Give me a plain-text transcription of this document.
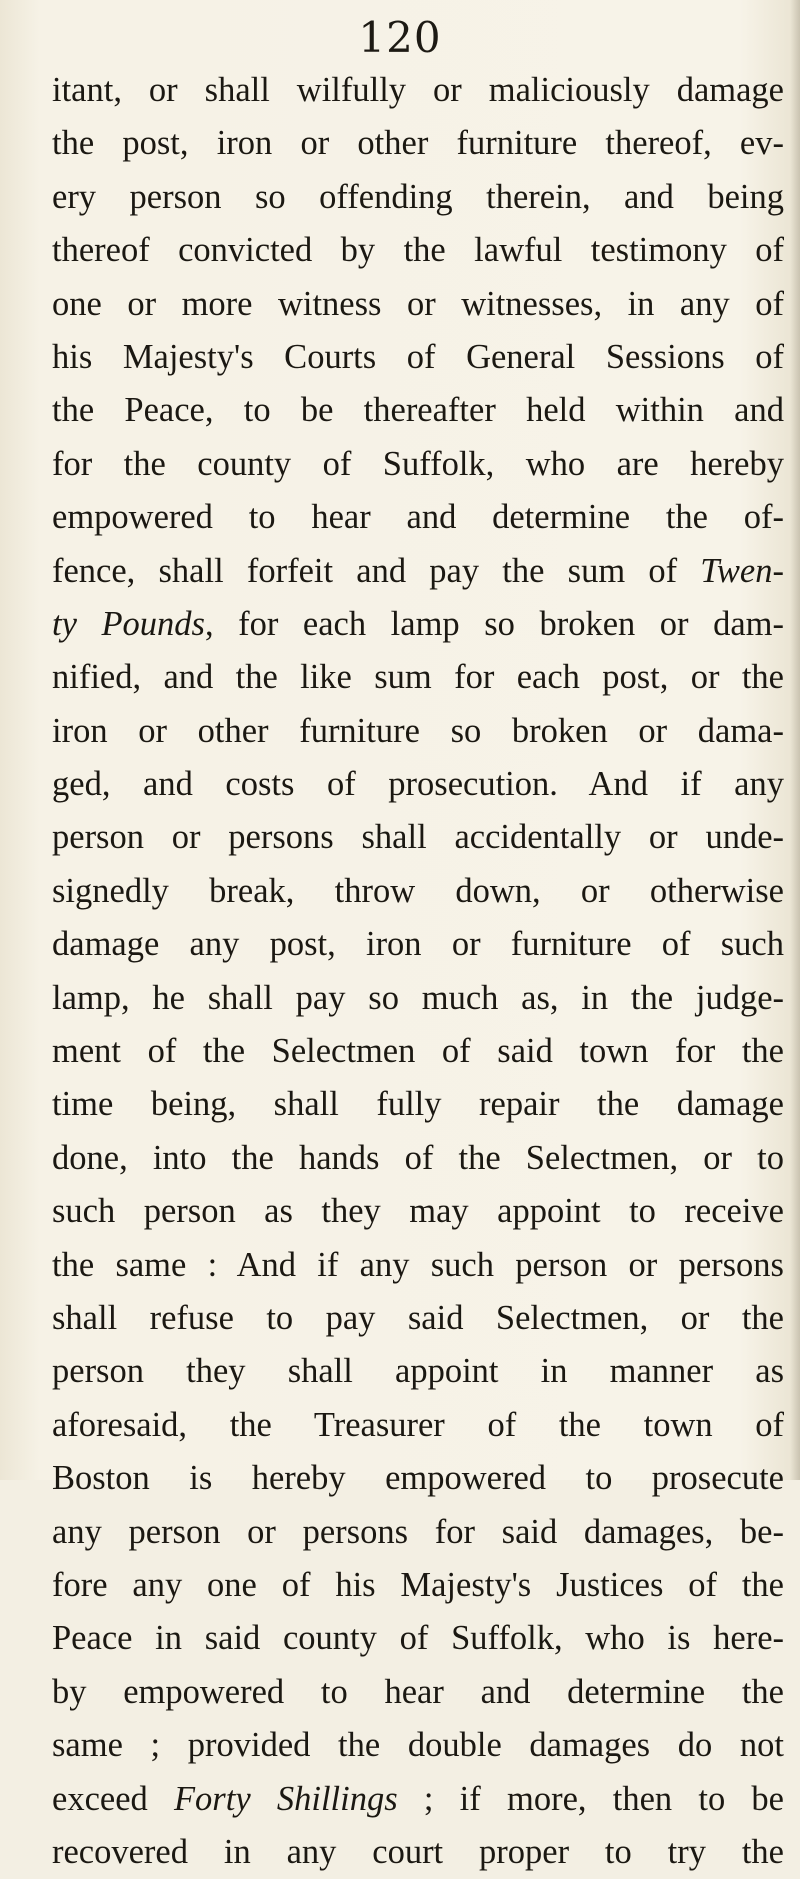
120
itant, or shall wilfully or maliciously damage
the post, iron or other furniture thereof, ev-
ery person so offending therein, and being
thereof convicted by the lawful testimony of
one or more witness or witnesses, in any of
his Majesty's Courts of General Sessions of
the Peace, to be thereafter held within and
for the county of Suffolk, who are hereby
empowered to hear and determine the of-
fence, shall forfeit and pay the sum of Twen-
ty Pounds, for each lamp so broken or dam-
nified, and the like sum for each post, or the
iron or other furniture so broken or dama-
ged, and costs of prosecution. And if any
person or persons shall accidentally or unde-
signedly break, throw down, or otherwise
damage any post, iron or furniture of such
lamp, he shall pay so much as, in the judge-
ment of the Selectmen of said town for the
time being, shall fully repair the damage
done, into the hands of the Selectmen, or to
such person as they may appoint to receive
the same : And if any such person or persons
shall refuse to pay said Selectmen, or the
person they shall appoint in manner as
aforesaid, the Treasurer of the town of
Boston is hereby empowered to prosecute
any person or persons for said damages, be-
fore any one of his Majesty's Justices of the
Peace in said county of Suffolk, who is here-
by empowered to hear and determine the
same ; provided the double damages do not
exceed Forty Shillings ; if more, then to be
recovered in any court proper to try the
